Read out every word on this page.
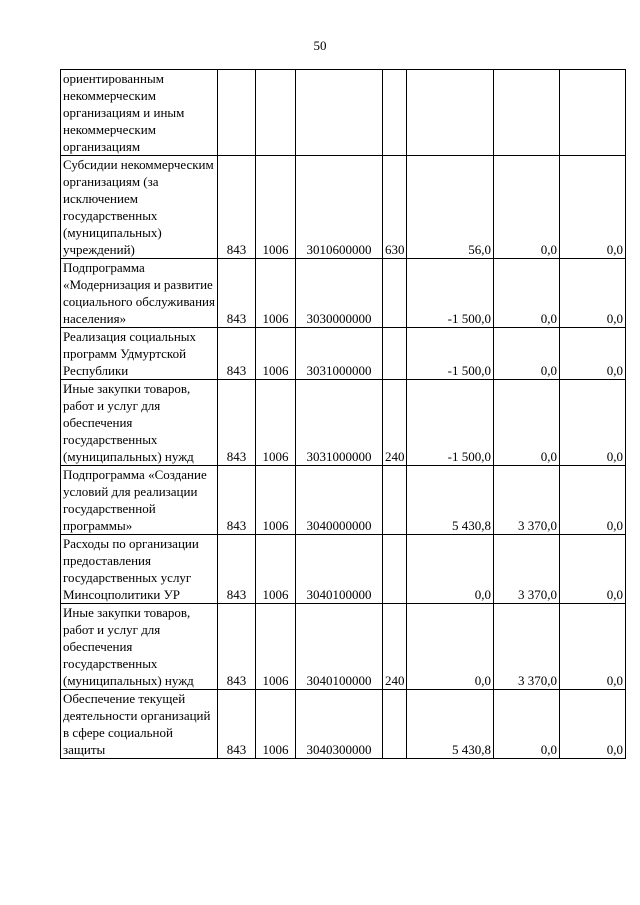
50
ориентированным некоммерческим организациям и иным некоммерческим организациям							
Субсидии некоммерческим организациям (за исключением государственных (муниципальных) учреждений)	843	1006	3010600000	630	56,0	0,0	0,0
Подпрограмма «Модернизация и развитие социального обслуживания населения»	843	1006	3030000000		-1 500,0	0,0	0,0
Реализация социальных программ Удмуртской Республики	843	1006	3031000000		-1 500,0	0,0	0,0
Иные закупки товаров, работ и услуг для обеспечения государственных (муниципальных) нужд	843	1006	3031000000	240	-1 500,0	0,0	0,0
Подпрограмма «Создание условий для реализации государственной программы»	843	1006	3040000000		5 430,8	3 370,0	0,0
Расходы по организации предоставления государственных услуг Минсоцполитики УР	843	1006	3040100000		0,0	3 370,0	0,0
Иные закупки товаров, работ и услуг для обеспечения государственных (муниципальных) нужд	843	1006	3040100000	240	0,0	3 370,0	0,0
Обеспечение текущей деятельности организаций в сфере социальной защиты	843	1006	3040300000		5 430,8	0,0	0,0
